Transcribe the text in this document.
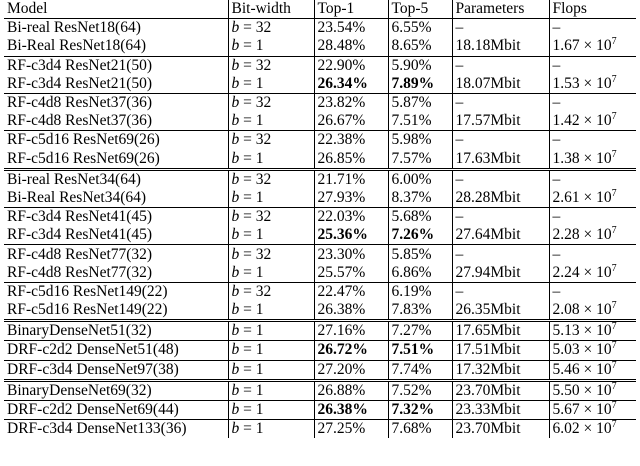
Model	Bit-width	Top-1	Top-5	Parameters	Flops
Bi-real ResNet18(64)	b = 32	23.54%	6.55%	–	–
Bi-Real ResNet18(64)	b = 1	28.48%	8.65%	18.18Mbit	$1.67 \times 10^7$
RF-c3d4 ResNet21(50)	b = 32	22.90%	5.90%	–	–
RF-c3d4 ResNet21(50)	b = 1	26.34%	7.89%	18.07Mbit	$1.53 \times 10^7$
RF-c4d8 ResNet37(36)	b = 32	23.82%	5.87%	–	–
RF-c4d8 ResNet37(36)	b = 1	26.67%	7.51%	17.57Mbit	$1.42 \times 10^7$
RF-c5d16 ResNet69(26)	b = 32	22.38%	5.98%	–	–
RF-c5d16 ResNet69(26)	b = 1	26.85%	7.57%	17.63Mbit	$1.38 \times 10^7$
Bi-real ResNet34(64)	b = 32	21.71%	6.00%	–	–
Bi-Real ResNet34(64)	b = 1	27.93%	8.37%	28.28Mbit	$2.61 \times 10^7$
RF-c3d4 ResNet41(45)	b = 32	22.03%	5.68%	–	–
RF-c3d4 ResNet41(45)	b = 1	25.36%	7.26%	27.64Mbit	$2.28 \times 10^7$
RF-c4d8 ResNet77(32)	b = 32	23.30%	5.85%	–	–
RF-c4d8 ResNet77(32)	b = 1	25.57%	6.86%	27.94Mbit	$2.24 \times 10^7$
RF-c5d16 ResNet149(22)	b = 32	22.47%	6.19%	–	–
RF-c5d16 ResNet149(22)	b = 1	26.38%	7.83%	26.35Mbit	$2.08 \times 10^7$
BinaryDenseNet51(32)	b = 1	27.16%	7.27%	17.65Mbit	$5.13 \times 10^7$
DRF-c2d2 DenseNet51(48)	b = 1	26.72%	7.51%	17.51Mbit	$5.03 \times 10^7$
DRF-c3d4 DenseNet97(38)	b = 1	27.20%	7.74%	17.32Mbit	$5.46 \times 10^7$
BinaryDenseNet69(32)	b = 1	26.88%	7.52%	23.70Mbit	$5.50 \times 10^7$
DRF-c2d2 DenseNet69(44)	b = 1	26.38%	7.32%	23.33Mbit	$5.67 \times 10^7$
DRF-c3d4 DenseNet133(36)	b = 1	27.25%	7.68%	23.70Mbit	$6.02 \times 10^7$
